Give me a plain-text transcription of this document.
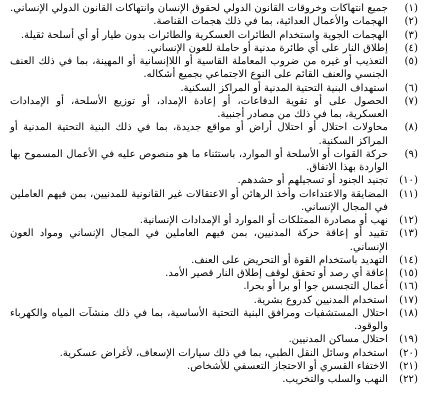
(١)
جميع انتهاكات وخروقات القانون الدولي لحقوق الإنسان وانتهاكات القانون الدولي الإنساني.
(٢)
الهجمات والأعمال العدائية، بما في ذلك هجمات القناصة.
(٣)
الهجمات الجوية واستخدام الطائرات العسكرية والطائرات بدون طيار أو أي أسلحة ثقيلة.
(٤)
إطلاق النار على أي طائرة مدنية أو حاملة للعون الإنساني.
(٥)
التعذيب أو غيره من ضروب المعاملة القاسية أو اللاإنسانية أو المهينة، بما في ذلك العنف الجنسي والعنف القائم على النوع الاجتماعي بجميع أشكاله.
(٦)
استهداف البنية التحتية المدنية أو المراكز السكنية.
(٧)
الحصول على أو تقوية الدفاعات، أو إعادة الإمداد، أو توزيع الأسلحة، أو الإمدادات العسكرية، بما في ذلك من مصادر أجنبية.
(٨)
محاولات احتلال أو احتلال أراض أو مواقع جديدة، بما في ذلك البنية التحتية المدنية أو المراكز السكنية.
(٩)
حركة القوات أو الأسلحة أو الموارد، باستثناء ما هو منصوص عليه في الأعمال المسموح بها الواردة بهذا الاتفاق.
(١٠)
تجنيد الجنود أو تسجيلهم أو حشدهم.
(١١)
المضايقة والاعتداءات وأخذ الرهائن أو الاعتقالات غير القانونية للمدنيين، بمن فيهم العاملين في المجال الإنساني.
(١٢)
نهب أو مصادرة الممتلكات أو الموارد أو الإمدادات الإنسانية.
(١٣)
تقييد أو إعاقة حركة المدنيين، بمن فيهم العاملين في المجال الإنساني ومواد العون الإنساني.
(١٤)
التهديد باستخدام القوة أو التحريض على العنف.
(١٥)
إعاقة أي رصد أو تحقق لوقف إطلاق النار قصير الأمد.
(١٦)
أعمال التجسس جوا أو برا أو بحرا.
(١٧)
استخدام المدنيين كدروع بشرية.
(١٨)
احتلال المستشفيات ومرافق البنية التحتية الأساسية، بما في ذلك منشآت المياه والكهرباء والوقود.
(١٩)
احتلال مساكن المدنيين.
(٢٠)
استخدام وسائل النقل الطبي، بما في ذلك سيارات الإسعاف، لأغراض عسكرية.
(٢١)
الاختفاء القسري أو الاحتجاز التعسفي للأشخاص.
(٢٢)
النهب والسلب والتخريب.
